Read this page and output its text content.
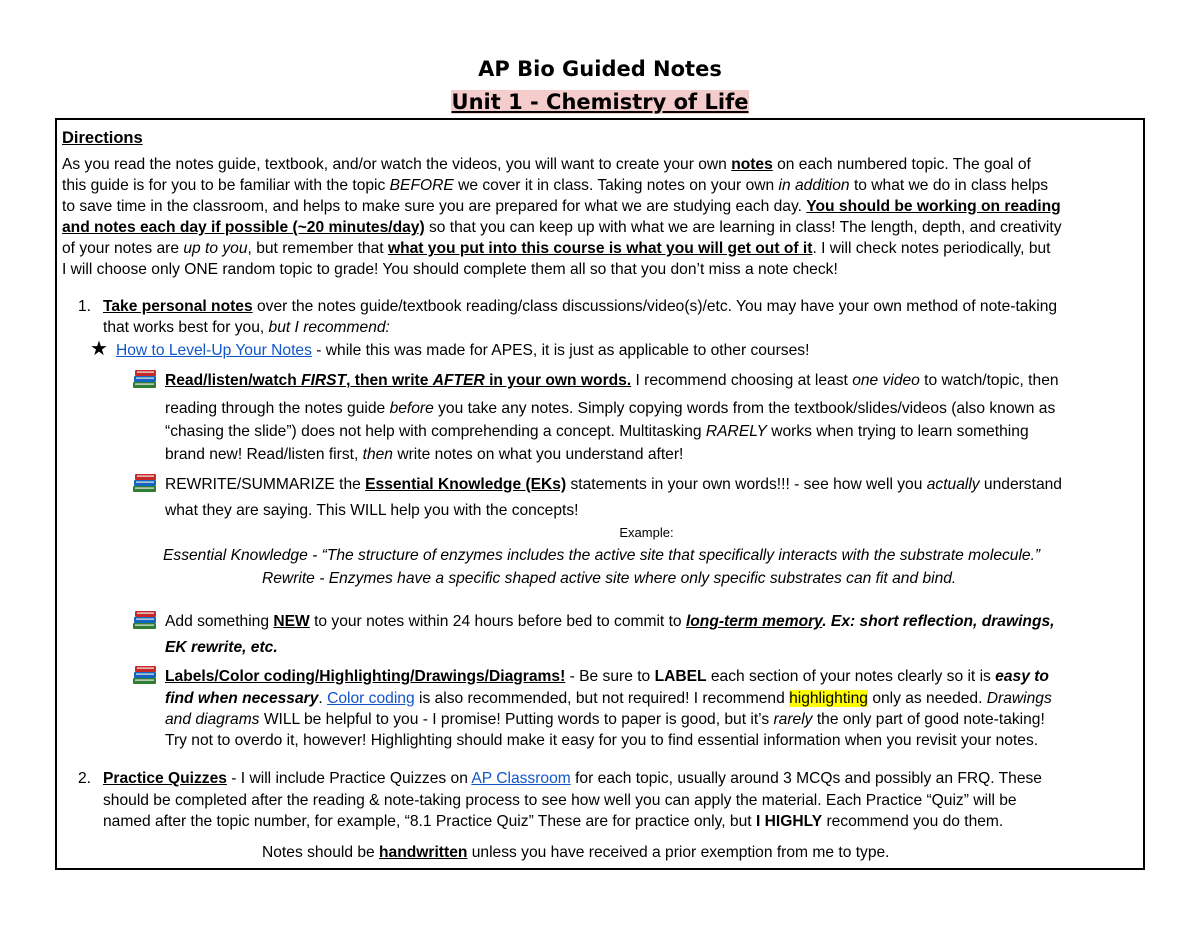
AP Bio Guided Notes
Unit 1 - Chemistry of Life
Directions
As you read the notes guide, textbook, and/or watch the videos, you will want to create your own notes on each numbered topic. The goal of
this guide is for you to be familiar with the topic BEFORE we cover it in class. Taking notes on your own in addition to what we do in class helps
to save time in the classroom, and helps to make sure you are prepared for what we are studying each day. You should be working on reading
and notes each day if possible (~20 minutes/day) so that you can keep up with what we are learning in class! The length, depth, and creativity
of your notes are up to you, but remember that what you put into this course is what you will get out of it. I will check notes periodically, but
I will choose only ONE random topic to grade! You should complete them all so that you don’t miss a note check!
1. Take personal notes over the notes guide/textbook reading/class discussions/video(s)/etc. You may have your own method of note-taking
that works best for you, but I recommend:
★ How to Level-Up Your Notes - while this was made for APES, it is just as applicable to other courses!
Read/listen/watch FIRST, then write AFTER in your own words. I recommend choosing at least one video to watch/topic, then
reading through the notes guide before you take any notes. Simply copying words from the textbook/slides/videos (also known as
“chasing the slide”) does not help with comprehending a concept. Multitasking RARELY works when trying to learn something
brand new! Read/listen first, then write notes on what you understand after!
REWRITE/SUMMARIZE the Essential Knowledge (EKs) statements in your own words!!! - see how well you actually understand
what they are saying. This WILL help you with the concepts!
Example:
Essential Knowledge - “The structure of enzymes includes the active site that specifically interacts with the substrate molecule.”
Rewrite - Enzymes have a specific shaped active site where only specific substrates can fit and bind.
Add something NEW to your notes within 24 hours before bed to commit to long-term memory. Ex: short reflection, drawings,
EK rewrite, etc.
Labels/Color coding/Highlighting/Drawings/Diagrams! - Be sure to LABEL each section of your notes clearly so it is easy to
find when necessary. Color coding is also recommended, but not required! I recommend highlighting only as needed. Drawings
and diagrams WILL be helpful to you - I promise! Putting words to paper is good, but it’s rarely the only part of good note-taking!
Try not to overdo it, however! Highlighting should make it easy for you to find essential information when you revisit your notes.
2. Practice Quizzes - I will include Practice Quizzes on AP Classroom for each topic, usually around 3 MCQs and possibly an FRQ. These
should be completed after the reading & note-taking process to see how well you can apply the material. Each Practice “Quiz” will be
named after the topic number, for example, “8.1 Practice Quiz” These are for practice only, but I HIGHLY recommend you do them.
Notes should be handwritten unless you have received a prior exemption from me to type.
